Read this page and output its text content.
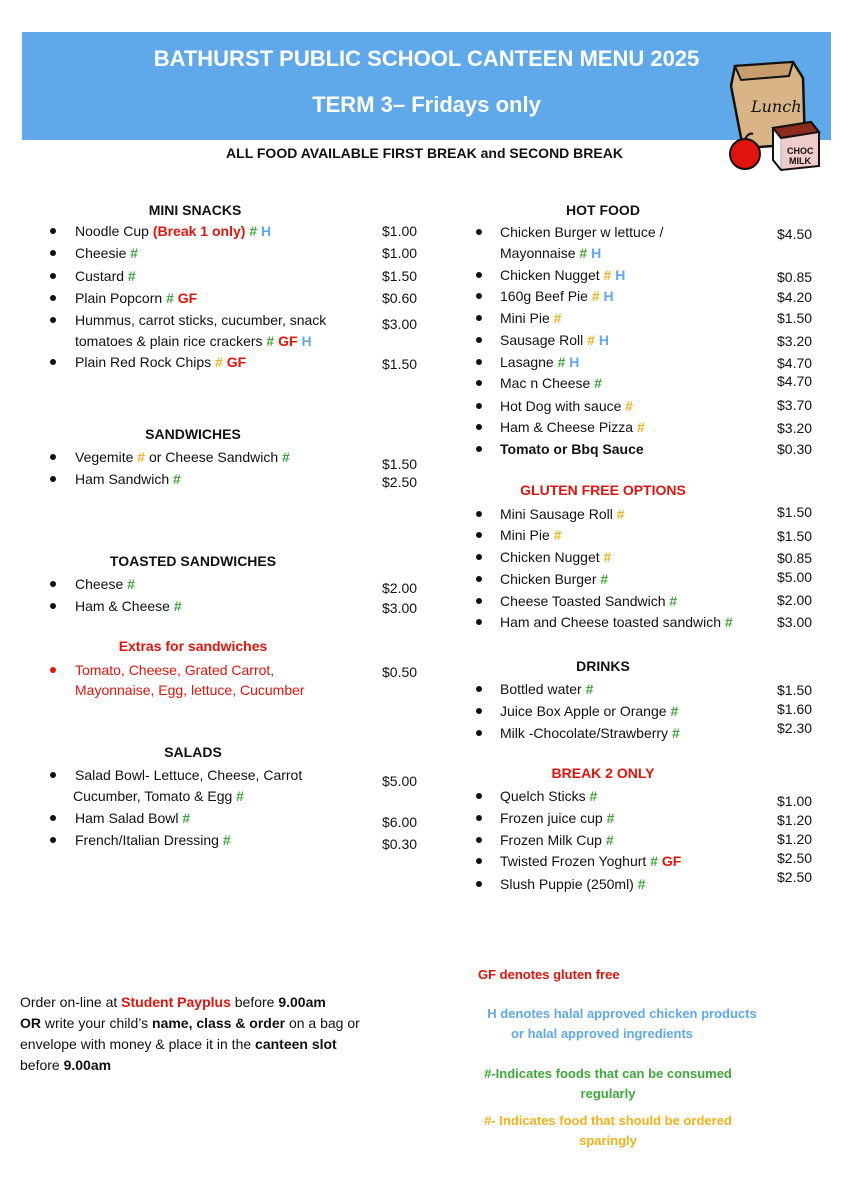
BATHURST PUBLIC SCHOOL CANTEEN MENU 2025
TERM 3– Fridays only	Lunch
CHOC
MILK
ALL FOOD AVAILABLE FIRST BREAK and SECOND BREAK
MINI SNACKS
Noodle Cup (Break 1 only) # H	$1.00
Cheesie #	$1.00
Custard #	$1.50
Plain Popcorn # GF	$0.60
Hummus, carrot sticks, cucumber, snack
tomatoes & plain rice crackers # GF H
$3.00
Plain Red Rock Chips # GF	$1.50
SANDWICHES
Vegemite # or Cheese Sandwich #	$1.50
Ham Sandwich #	$2.50
TOASTED SANDWICHES
Cheese #	$2.00
Ham & Cheese #	$3.00
Extras for sandwiches
Tomato, Cheese, Grated Carrot,
Mayonnaise, Egg, lettuce, Cucumber
$0.50
SALADS
Salad Bowl- Lettuce, Cheese, Carrot
Cucumber, Tomato & Egg #
$5.00
Ham Salad Bowl #	$6.00
French/Italian Dressing #	$0.30
HOT FOOD
Chicken Burger w lettuce /
Mayonnaise # H
$4.50
Chicken Nugget # H	$0.85
160g Beef Pie # H	$4.20
Mini Pie #	$1.50
Sausage Roll # H	$3.20
Lasagne # H	$4.70
Mac n Cheese #	$4.70
Hot Dog with sauce #	$3.70
Ham & Cheese Pizza #	$3.20
Tomato or Bbq Sauce	$0.30
GLUTEN FREE OPTIONS
Mini Sausage Roll #	$1.50
Mini Pie #	$1.50
Chicken Nugget #	$0.85
Chicken Burger #	$5.00
Cheese Toasted Sandwich #	$2.00
Ham and Cheese toasted sandwich #	$3.00
DRINKS
Bottled water #	$1.50
Juice Box Apple or Orange #	$1.60
Milk -Chocolate/Strawberry #	$2.30
BREAK 2 ONLY
Quelch Sticks #	$1.00
Frozen juice cup #	$1.20
Frozen Milk Cup #	$1.20
Twisted Frozen Yoghurt # GF	$2.50
Slush Puppie (250ml) #	$2.50
Order on-line at Student Payplus before 9.00am
OR write your child’s name, class & order on a bag or envelope with money & place it in the canteen slot before 9.00am
GF denotes gluten free
H denotes halal approved chicken products
or halal approved ingredients
#-Indicates foods that can be consumed
regularly
#- Indicates food that should be ordered
sparingly
